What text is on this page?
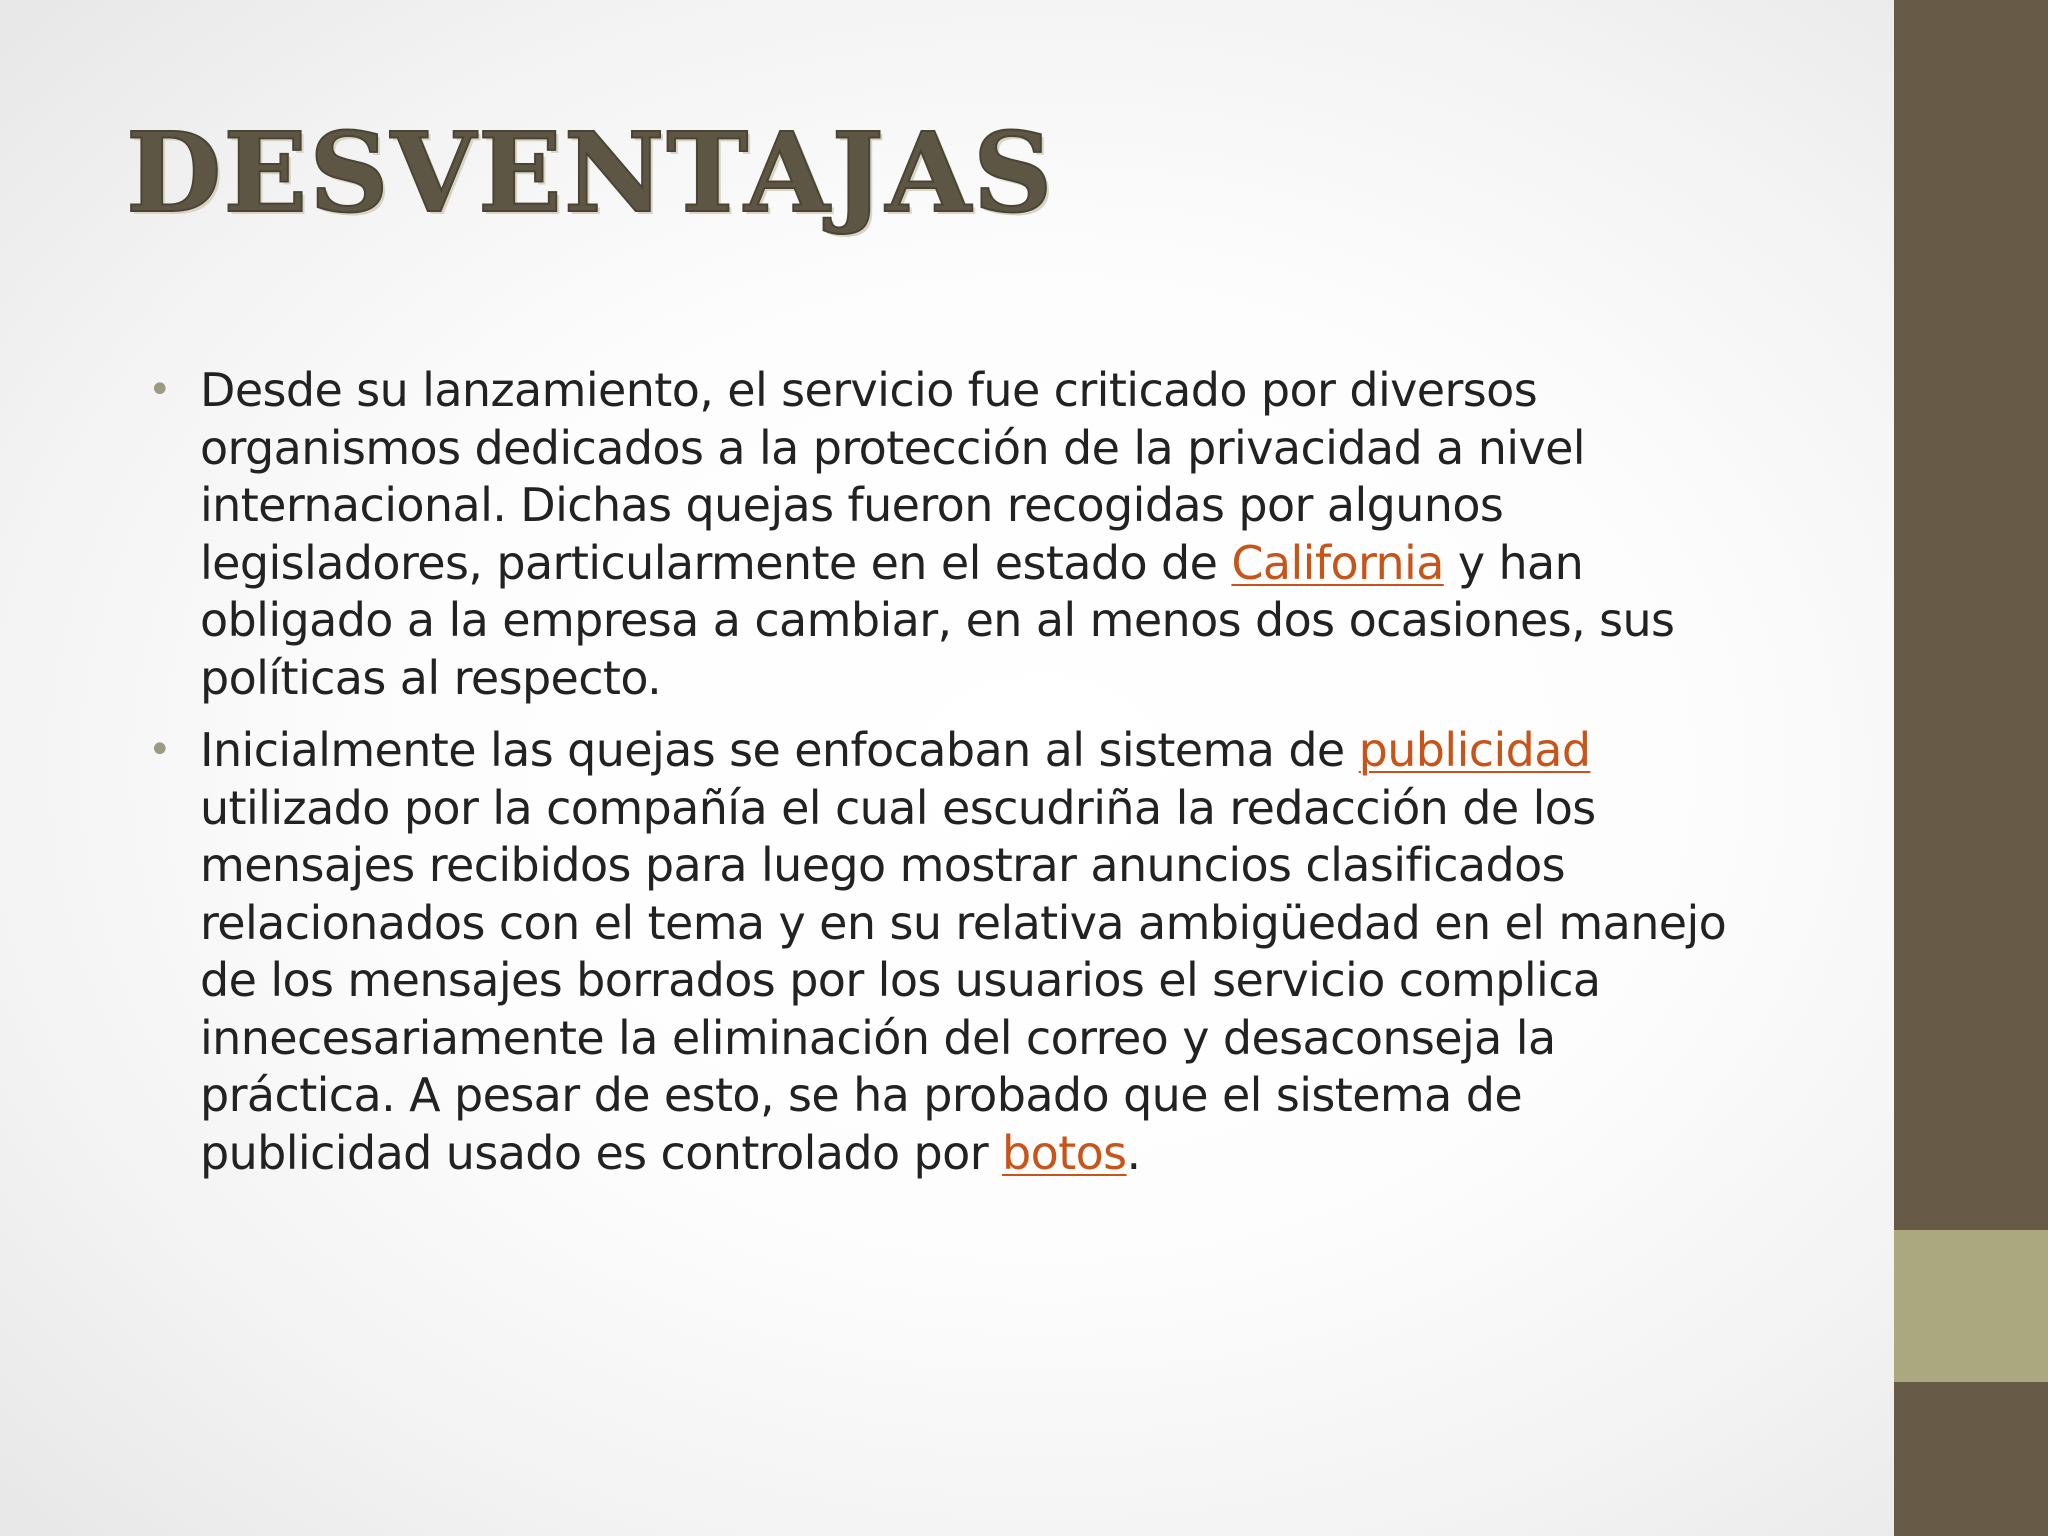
DESVENTAJAS
• Desde su lanzamiento, el servicio fue criticado por diversos organismos dedicados a la protección de la privacidad a nivel internacional. Dichas quejas fueron recogidas por algunos legisladores, particularmente en el estado de California y han obligado a la empresa a cambiar, en al menos dos ocasiones, sus políticas al respecto.
• Inicialmente las quejas se enfocaban al sistema de publicidad utilizado por la compañía el cual escudriña la redacción de los mensajes recibidos para luego mostrar anuncios clasificados relacionados con el tema y en su relativa ambigüedad en el manejo de los mensajes borrados por los usuarios el servicio complica innecesariamente la eliminación del correo y desaconseja la práctica. A pesar de esto, se ha probado que el sistema de publicidad usado es controlado por botos.
